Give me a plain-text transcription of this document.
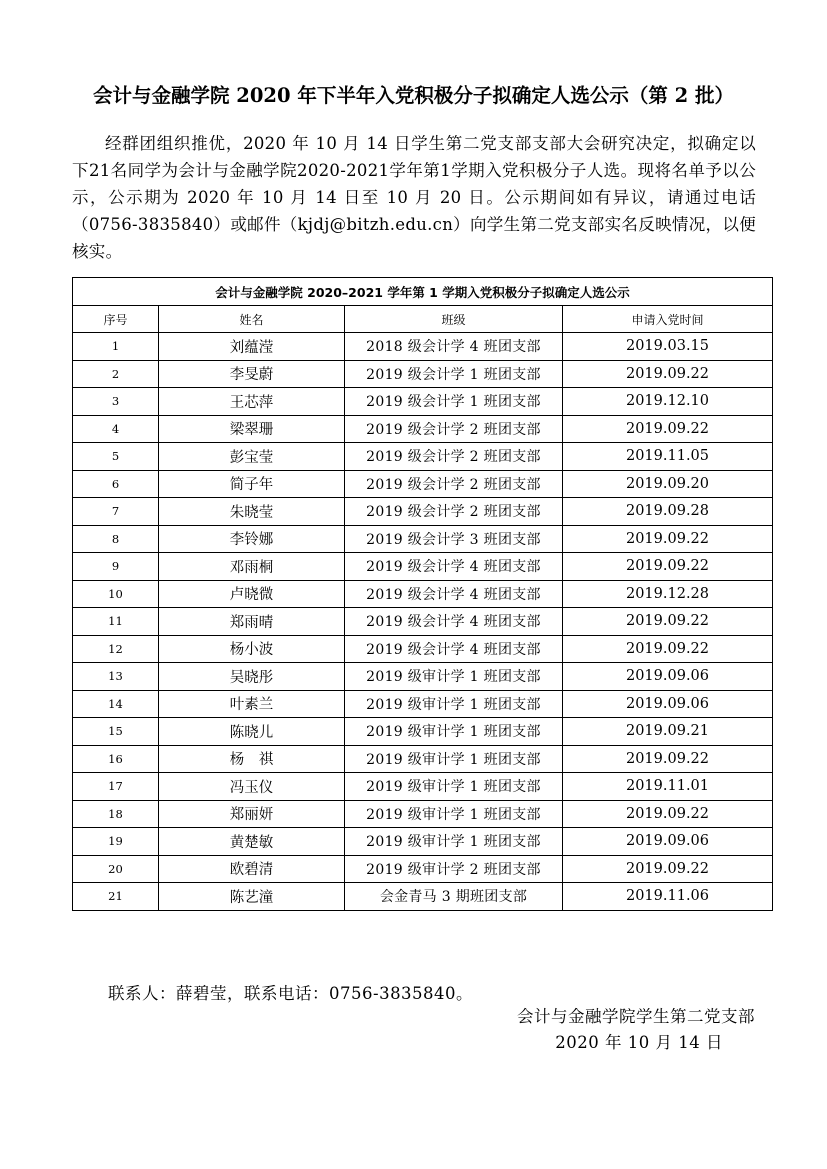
会计与金融学院 2020 年下半年入党积极分子拟确定人选公示（第 2 批）
经群团组织推优，2020 年 10 月 14 日学生第二党支部支部大会研究决定，拟确定以下21名同学为会计与金融学院2020-2021学年第1学期入党积极分子人选。现将名单予以公示，公示期为 2020 年 10 月 14 日至 10 月 20 日。公示期间如有异议，请通过电话（0756-3835840）或邮件（kjdj@bitzh.edu.cn）向学生第二党支部实名反映情况，以便核实。
会计与金融学院 2020–2021 学年第 1 学期入党积极分子拟确定人选公示			
序号	姓名	班级	申请入党时间
1	刘蕴滢	2018 级会计学 4 班团支部	2019.03.15
2	李旻蔚	2019 级会计学 1 班团支部	2019.09.22
3	王芯萍	2019 级会计学 1 班团支部	2019.12.10
4	梁翠珊	2019 级会计学 2 班团支部	2019.09.22
5	彭宝莹	2019 级会计学 2 班团支部	2019.11.05
6	简子年	2019 级会计学 2 班团支部	2019.09.20
7	朱晓莹	2019 级会计学 2 班团支部	2019.09.28
8	李铃娜	2019 级会计学 3 班团支部	2019.09.22
9	邓雨桐	2019 级会计学 4 班团支部	2019.09.22
10	卢晓微	2019 级会计学 4 班团支部	2019.12.28
11	郑雨晴	2019 级会计学 4 班团支部	2019.09.22
12	杨小波	2019 级会计学 4 班团支部	2019.09.22
13	吴晓彤	2019 级审计学 1 班团支部	2019.09.06
14	叶素兰	2019 级审计学 1 班团支部	2019.09.06
15	陈晓儿	2019 级审计学 1 班团支部	2019.09.21
16	杨　祺	2019 级审计学 1 班团支部	2019.09.22
17	冯玉仪	2019 级审计学 1 班团支部	2019.11.01
18	郑丽妍	2019 级审计学 1 班团支部	2019.09.22
19	黄楚敏	2019 级审计学 1 班团支部	2019.09.06
20	欧碧清	2019 级审计学 2 班团支部	2019.09.22
21	陈艺潼	会金青马 3 期班团支部	2019.11.06
联系人：薛碧莹，联系电话：0756-3835840。
会计与金融学院学生第二党支部
2020 年 10 月 14 日
